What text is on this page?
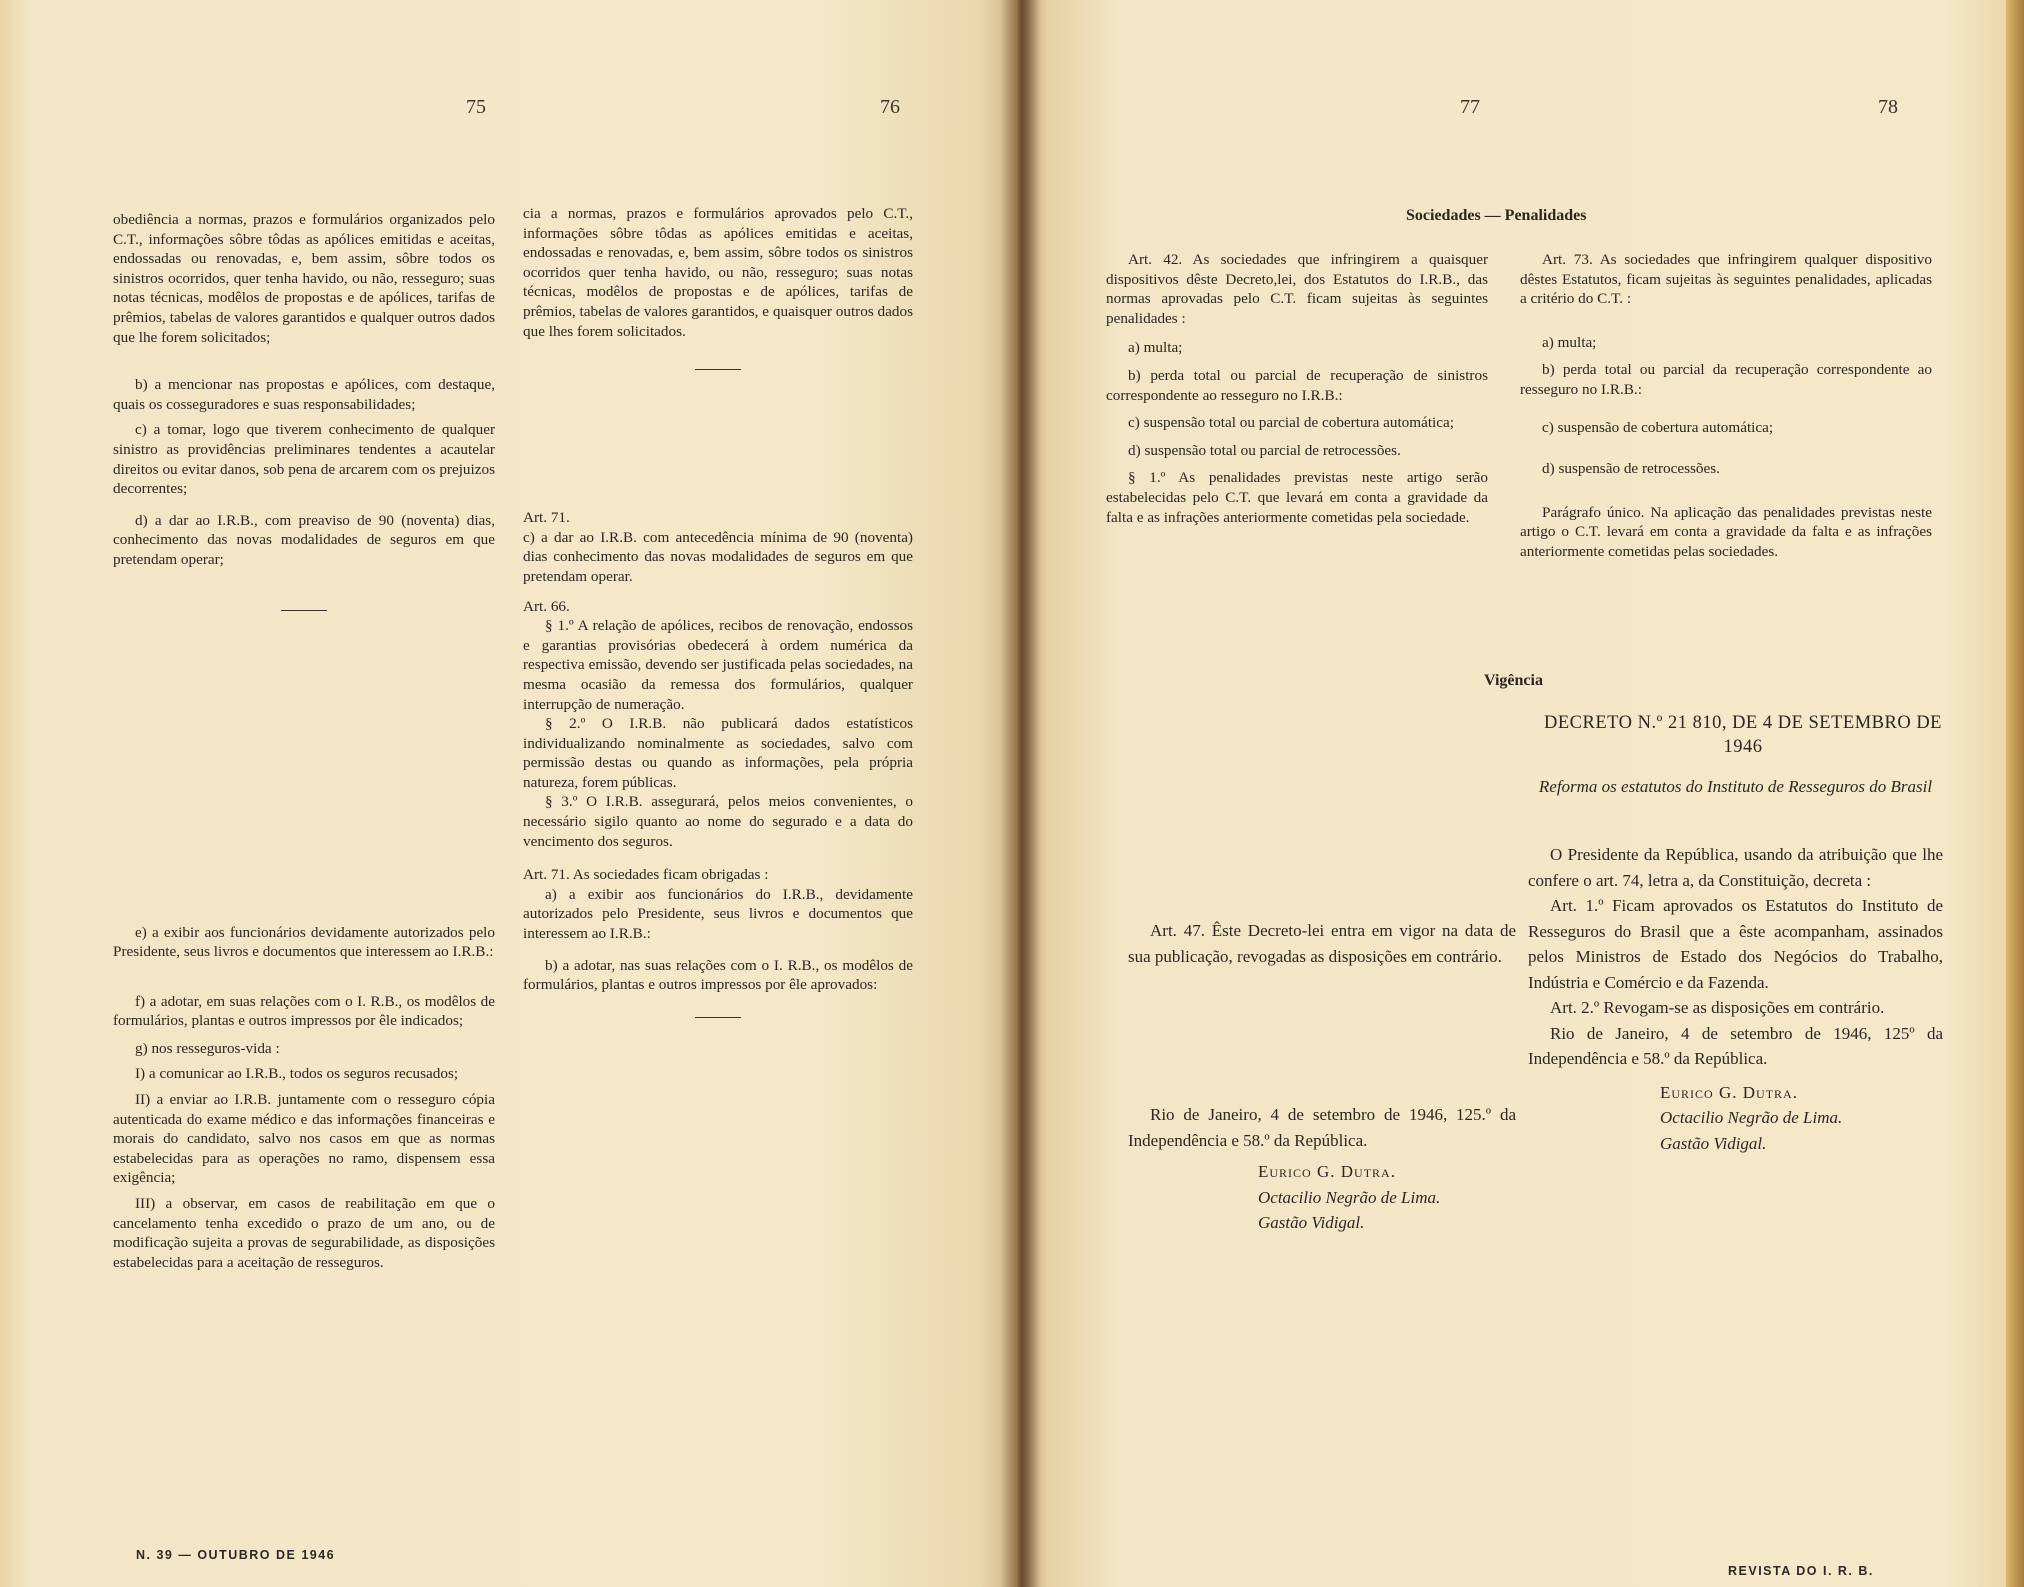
75	76

obediência a normas, prazos e formulários organizados pelo C.T., informações sôbre tôdas as apólices emitidas e aceitas, endossadas ou renovadas, e, bem assim, sôbre todos os sinistros ocorridos, quer tenha havido, ou não, resseguro; suas notas técnicas, modêlos de propostas e de apólices, tarifas de prêmios, tabelas de valores garantidos e qualquer outros dados que lhe forem solicitados;

b) a mencionar nas propostas e apólices, com destaque, quais os cosseguradores e suas responsabilidades;

c) a tomar, logo que tiverem conhecimento de qualquer sinistro as providências preliminares tendentes a acautelar direitos ou evitar danos, sob pena de arcarem com os prejuizos decorrentes;

d) a dar ao I.R.B., com preaviso de 90 (noventa) dias, conhecimento das novas modalidades de seguros em que pretendam operar;

e) a exibir aos funcionários devidamente autorizados pelo Presidente, seus livros e documentos que interessem ao I.R.B.:

f) a adotar, em suas relações com o I. R.B., os modêlos de formulários, plantas e outros impressos por êle indicados;

g) nos resseguros-vida :

I) a comunicar ao I.R.B., todos os seguros recusados;

II) a enviar ao I.R.B. juntamente com o resseguro cópia autenticada do exame médico e das informações financeiras e morais do candidato, salvo nos casos em que as normas estabelecidas para as operações no ramo, dispensem essa exigência;

III) a observar, em casos de reabilitação em que o cancelamento tenha excedido o prazo de um ano, ou de modificação sujeita a provas de segurabilidade, as disposições estabelecidas para a aceitação de resseguros.

cia a normas, prazos e formulários aprovados pelo C.T., informações sôbre tôdas as apólices emitidas e aceitas, endossadas e renovadas, e, bem assim, sôbre todos os sinistros ocorridos quer tenha havido, ou não, resseguro; suas notas técnicas, modêlos de propostas e de apólices, tarifas de prêmios, tabelas de valores garantidos, e quaisquer outros dados que lhes forem solicitados.

Art. 71.

c) a dar ao I.R.B. com antecedência mínima de 90 (noventa) dias conhecimento das novas modalidades de seguros em que pretendam operar.

Art. 66.

§ 1.º A relação de apólices, recibos de renovação, endossos e garantias provisórias obedecerá à ordem numérica da respectiva emissão, devendo ser justificada pelas sociedades, na mesma ocasião da remessa dos formulários, qualquer interrupção de numeração.

§ 2.º O I.R.B. não publicará dados estatísticos individualizando nominalmente as sociedades, salvo com permissão destas ou quando as informações, pela própria natureza, forem públicas.

§ 3.º O I.R.B. assegurará, pelos meios convenientes, o necessário sigilo quanto ao nome do segurado e a data do vencimento dos seguros.

Art. 71. As sociedades ficam obrigadas :

a) a exibir aos funcionários do I.R.B., devidamente autorizados pelo Presidente, seus livros e documentos que interessem ao I.R.B.:

b) a adotar, nas suas relações com o I. R.B., os modêlos de formulários, plantas e outros impressos por êle aprovados:

N. 39 — OUTUBRO DE 1946
77	78
Sociedades — Penalidades

Art. 42. As sociedades que infringirem a quaisquer dispositivos dêste Decreto,lei, dos Estatutos do I.R.B., das normas aprovadas pelo C.T. ficam sujeitas às seguintes penalidades :

a) multa;

b) perda total ou parcial de recuperação de sinistros correspondente ao resseguro no I.R.B.:

c) suspensão total ou parcial de cobertura automática;

d) suspensão total ou parcial de retrocessões.

§ 1.º As penalidades previstas neste artigo serão estabelecidas pelo C.T. que levará em conta a gravidade da falta e as infrações anteriormente cometidas pela sociedade.

Art. 47. Êste Decreto-lei entra em vigor na data de sua publicação, revogadas as disposições em contrário.

Rio de Janeiro, 4 de setembro de 1946, 125.º da Independência e 58.º da República.

Eurico G. Dutra.
Octacilio Negrão de Lima.
Gastão Vidigal.

Art. 73. As sociedades que infringirem qualquer dispositivo dêstes Estatutos, ficam sujeitas às seguintes penalidades, aplicadas a critério do C.T. :

a) multa;

b) perda total ou parcial da recuperação correspondente ao resseguro no I.R.B.:

c) suspensão de cobertura automática;

d) suspensão de retrocessões.

Parágrafo único. Na aplicação das penalidades previstas neste artigo o C.T. levará em conta a gravidade da falta e as infrações anteriormente cometidas pelas sociedades.

Vigência
DECRETO N.º 21 810, DE 4 DE SETEMBRO DE 1946
Reforma os estatutos do Instituto de Resseguros do Brasil

O Presidente da República, usando da atribuição que lhe confere o art. 74, letra a, da Constituição, decreta :

Art. 1.º Ficam aprovados os Estatutos do Instituto de Resseguros do Brasil que a êste acompanham, assinados pelos Ministros de Estado dos Negócios do Trabalho, Indústria e Comércio e da Fazenda.

Art. 2.º Revogam-se as disposições em contrário.

Rio de Janeiro, 4 de setembro de 1946, 125º da Independência e 58.º da República.

Eurico G. Dutra.
Octacilio Negrão de Lima.
Gastão Vidigal.
REVISTA DO I. R. B.
